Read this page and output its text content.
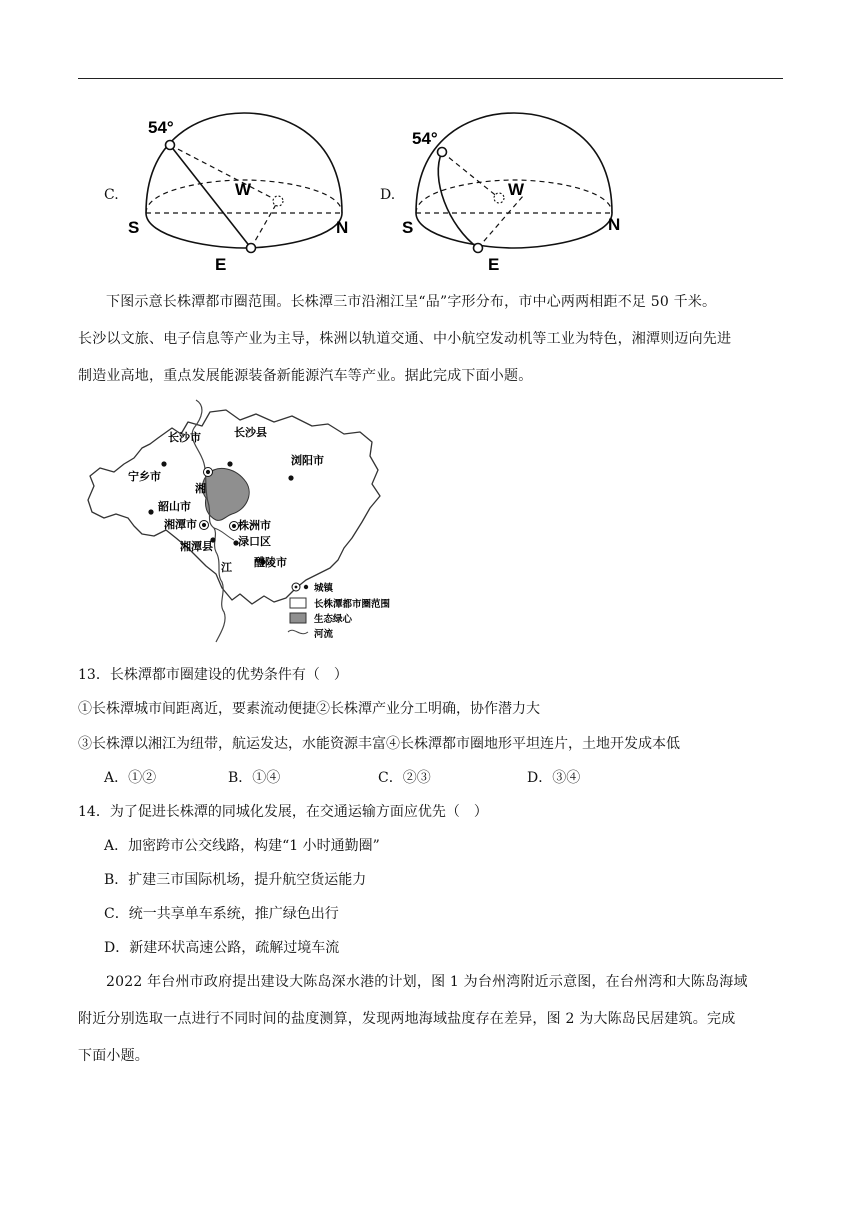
C.
54°
S	N
W
E
D.
54°
S	N
W
E

下图示意长株潭都市圈范围。长株潭三市沿湘江呈“品”字形分布，市中心两两相距不足 50 千米。

长沙以文旅、电子信息等产业为主导，株洲以轨道交通、中小航空发动机等工业为特色，湘潭则迈向先进

制造业高地，重点发展能源装备新能源汽车等产业。据此完成下面小题。

长沙市	长沙县
宁乡市
浏阳市
韶山市
湘潭市
湘潭县
株洲市
渌口区
醴陵市
湘
江
城镇
长株潭都市圈范围
生态绿心
河流
13．长株潭都市圈建设的优势条件有（　）
①长株潭城市间距离近，要素流动便捷②长株潭产业分工明确，协作潜力大
③长株潭以湘江为纽带，航运发达，水能资源丰富④长株潭都市圈地形平坦连片，土地开发成本低
A．①②	B．①④	C．②③	D．③④
14．为了促进长株潭的同城化发展，在交通运输方面应优先（　）
A．加密跨市公交线路，构建“1 小时通勤圈”
B．扩建三市国际机场，提升航空货运能力
C．统一共享单车系统，推广绿色出行
D．新建环状高速公路，疏解过境车流

2022 年台州市政府提出建设大陈岛深水港的计划，图 1 为台州湾附近示意图，在台州湾和大陈岛海域

附近分别选取一点进行不同时间的盐度测算，发现两地海域盐度存在差异，图 2 为大陈岛民居建筑。完成

下面小题。
